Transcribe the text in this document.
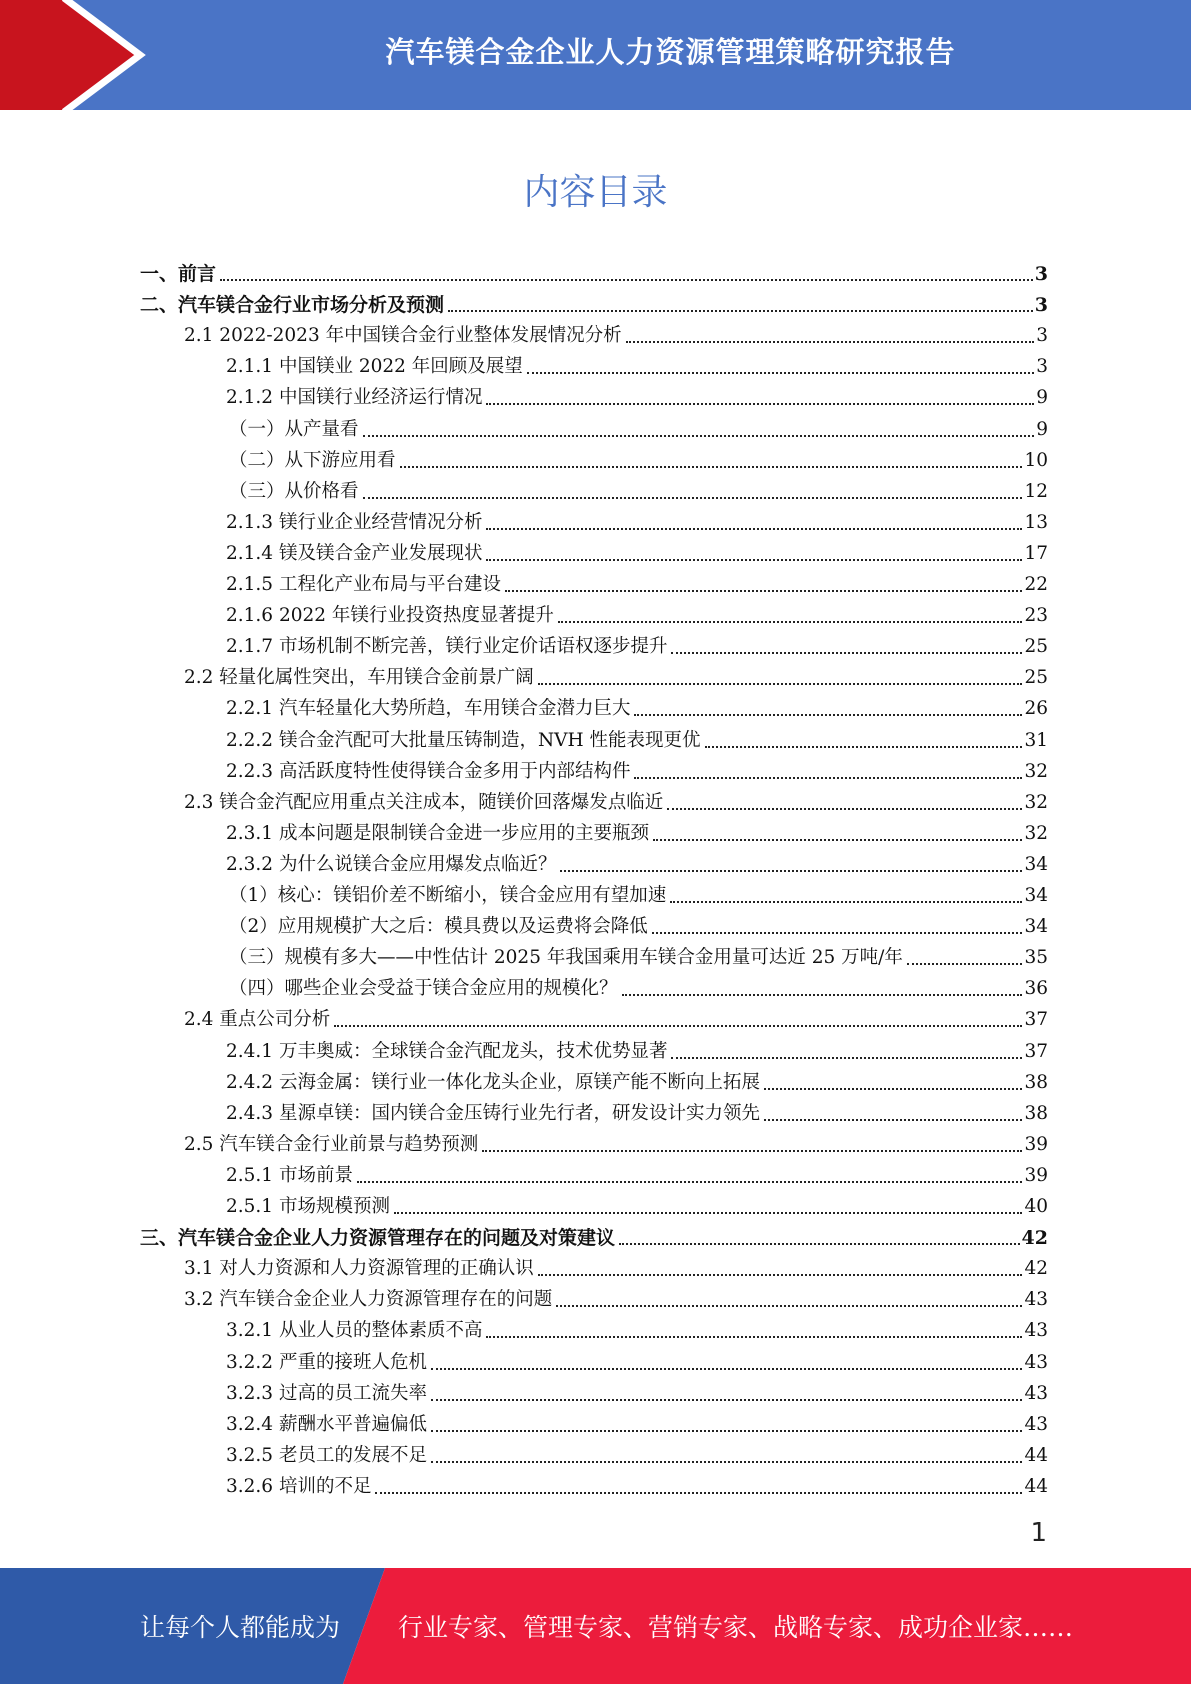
汽车镁合金企业人力资源管理策略研究报告
内容目录
一、前言	3
二、汽车镁合金行业市场分析及预测	3
2.1 2022-2023 年中国镁合金行业整体发展情况分析	3
2.1.1 中国镁业 2022 年回顾及展望	3
2.1.2 中国镁行业经济运行情况	9
（一）从产量看	9
（二）从下游应用看	10
（三）从价格看	12
2.1.3 镁行业企业经营情况分析	13
2.1.4 镁及镁合金产业发展现状	17
2.1.5 工程化产业布局与平台建设	22
2.1.6 2022 年镁行业投资热度显著提升	23
2.1.7 市场机制不断完善，镁行业定价话语权逐步提升	25
2.2 轻量化属性突出，车用镁合金前景广阔	25
2.2.1 汽车轻量化大势所趋，车用镁合金潜力巨大	26
2.2.2 镁合金汽配可大批量压铸制造，NVH 性能表现更优	31
2.2.3 高活跃度特性使得镁合金多用于内部结构件	32
2.3 镁合金汽配应用重点关注成本，随镁价回落爆发点临近	32
2.3.1 成本问题是限制镁合金进一步应用的主要瓶颈	32
2.3.2 为什么说镁合金应用爆发点临近？	34
（1）核心：镁铝价差不断缩小，镁合金应用有望加速	34
（2）应用规模扩大之后：模具费以及运费将会降低	34
（三）规模有多大——中性估计 2025 年我国乘用车镁合金用量可达近 25 万吨/年	35
（四）哪些企业会受益于镁合金应用的规模化？	36
2.4 重点公司分析	37
2.4.1 万丰奥威：全球镁合金汽配龙头，技术优势显著	37
2.4.2 云海金属：镁行业一体化龙头企业，原镁产能不断向上拓展	38
2.4.3 星源卓镁：国内镁合金压铸行业先行者，研发设计实力领先	38
2.5 汽车镁合金行业前景与趋势预测	39
2.5.1 市场前景	39
2.5.1 市场规模预测	40
三、汽车镁合金企业人力资源管理存在的问题及对策建议	42
3.1 对人力资源和人力资源管理的正确认识	42
3.2 汽车镁合金企业人力资源管理存在的问题	43
3.2.1 从业人员的整体素质不高	43
3.2.2 严重的接班人危机	43
3.2.3 过高的员工流失率	43
3.2.4 薪酬水平普遍偏低	43
3.2.5 老员工的发展不足	44
3.2.6 培训的不足	44
1
让每个人都能成为 行业专家、管理专家、营销专家、战略专家、成功企业家……
